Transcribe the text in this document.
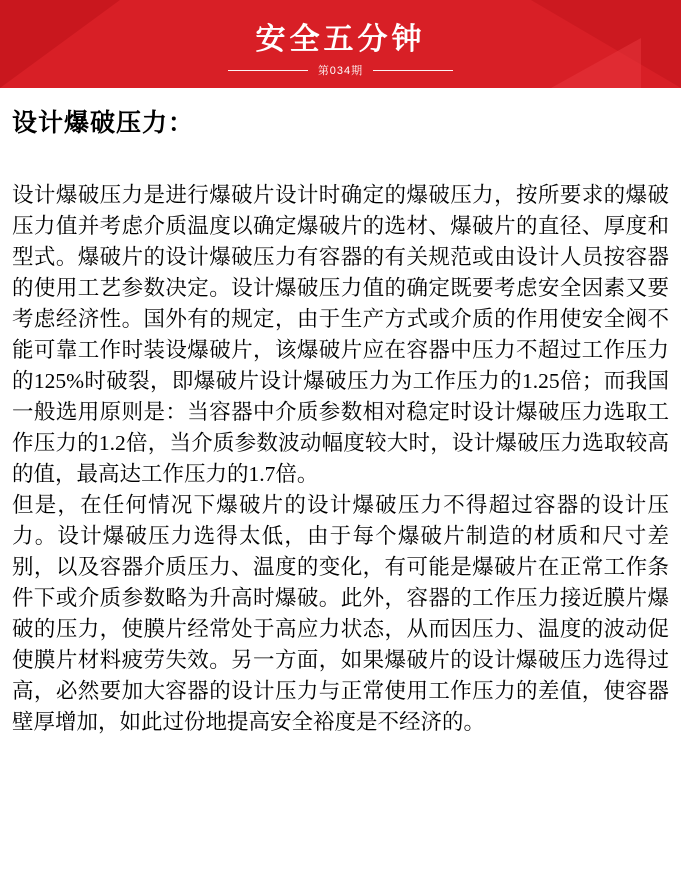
安全五分钟
第034期
设计爆破压力：

设计爆破压力是进行爆破片设计时确定的爆破压力，按所要求的爆破压力值并考虑介质温度以确定爆破片的选材、爆破片的直径、厚度和型式。爆破片的设计爆破压力有容器的有关规范或由设计人员按容器的使用工艺参数决定。设计爆破压力值的确定既要考虑安全因素又要考虑经济性。国外有的规定，由于生产方式或介质的作用使安全阀不能可靠工作时装设爆破片，该爆破片应在容器中压力不超过工作压力的125%时破裂，即爆破片设计爆破压力为工作压力的1.25倍；而我国一般选用原则是：当容器中介质参数相对稳定时设计爆破压力选取工作压力的1.2倍，当介质参数波动幅度较大时，设计爆破压力选取较高的值，最高达工作压力的1.7倍。

但是，在任何情况下爆破片的设计爆破压力不得超过容器的设计压力。设计爆破压力选得太低，由于每个爆破片制造的材质和尺寸差别，以及容器介质压力、温度的变化，有可能是爆破片在正常工作条件下或介质参数略为升高时爆破。此外，容器的工作压力接近膜片爆破的压力，使膜片经常处于高应力状态，从而因压力、温度的波动促使膜片材料疲劳失效。另一方面，如果爆破片的设计爆破压力选得过高，必然要加大容器的设计压力与正常使用工作压力的差值，使容器壁厚增加，如此过份地提高安全裕度是不经济的。
